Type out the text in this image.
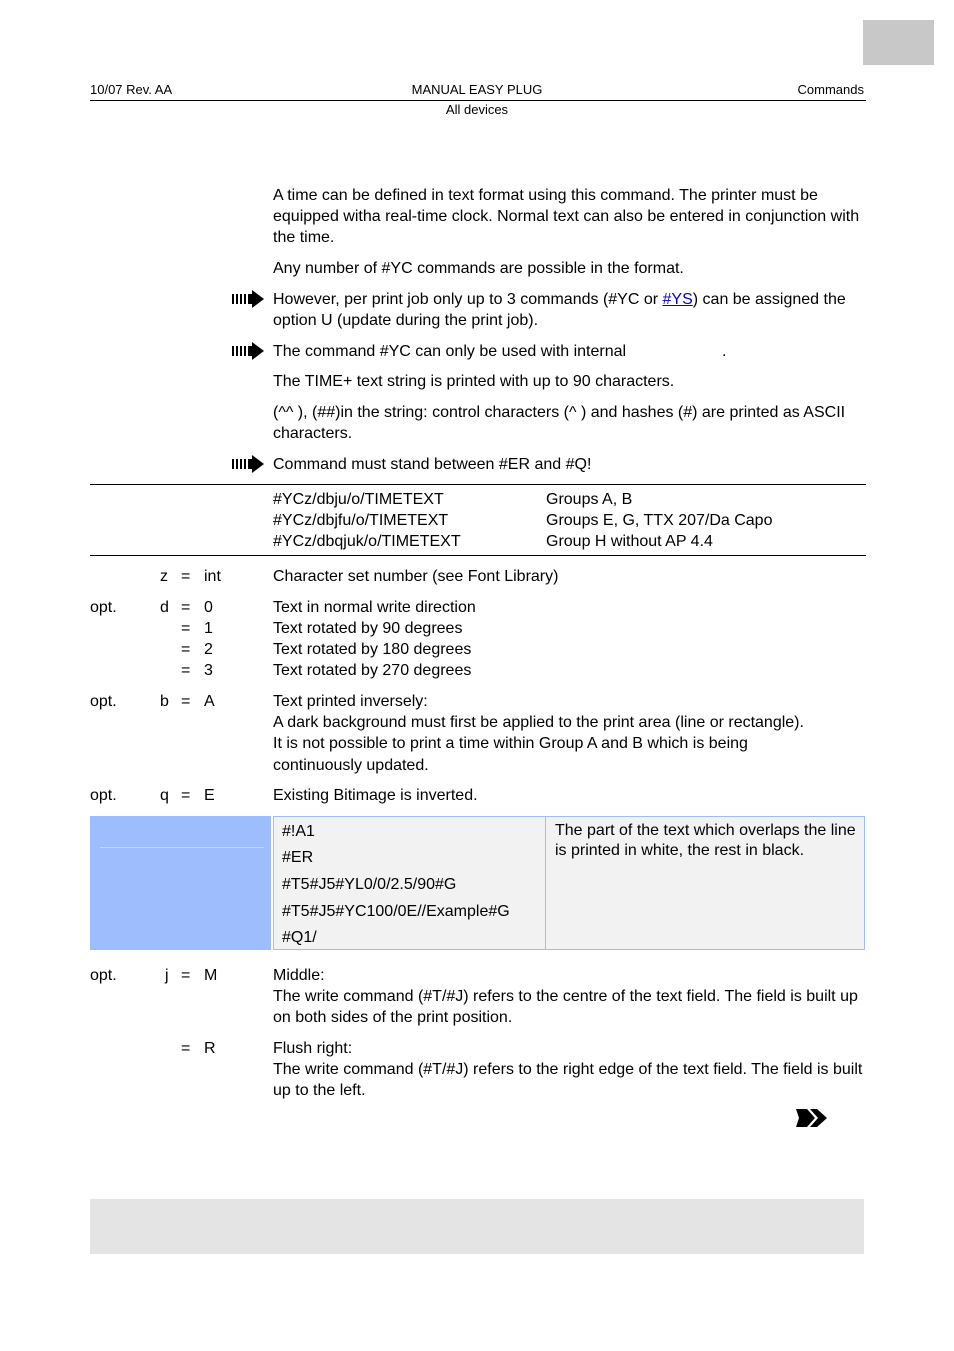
10/07 Rev. AA	MANUAL EASY PLUG	Commands
All devices
A time can be defined in text format using this command. The printer must be equipped witha real-time clock. Normal text can also be entered in conjunction with the time.
Any number of #YC commands are possible in the format.
However, per print job only up to 3 commands (#YC or #YS) can be assigned the option U (update during the print job).
The command #YC can only be used with internal	.
The TIME+ text string is printed with up to 90 characters.
(^^ ), (##)in the string: control characters (^ ) and hashes (#) are printed as ASCII characters.
Command must stand between #ER and #Q!
#YCz/dbju/o/TIMETEXT	Groups A, B
#YCz/dbjfu/o/TIMETEXT	Groups E, G, TTX 207/Da Capo
#YCz/dbqjuk/o/TIMETEXT	Group H without AP 4.4
z = int	Character set number (see Font Library)
opt.	d = 0	Text in normal write direction
= 1	Text rotated by 90 degrees
= 2	Text rotated by 180 degrees
= 3	Text rotated by 270 degrees
opt.	b = A	Text printed inversely:
A dark background must first be applied to the print area (line or rectangle).
It is not possible to print a time within Group A and B which is being continuously updated.
opt.	q = E	Existing Bitimage is inverted.
#!A1
#ER
#T5#J5#YL0/0/2.5/90#G
#T5#J5#YC100/0E//Example#G
#Q1/
The part of the text which overlaps the line is printed in white, the rest in black.
opt.	j = M	Middle:
The write command (#T/#J) refers to the centre of the text field. The field is built up on both sides of the print position.
= R	Flush right:
The write command (#T/#J) refers to the right edge of the text field. The field is built up to the left.
